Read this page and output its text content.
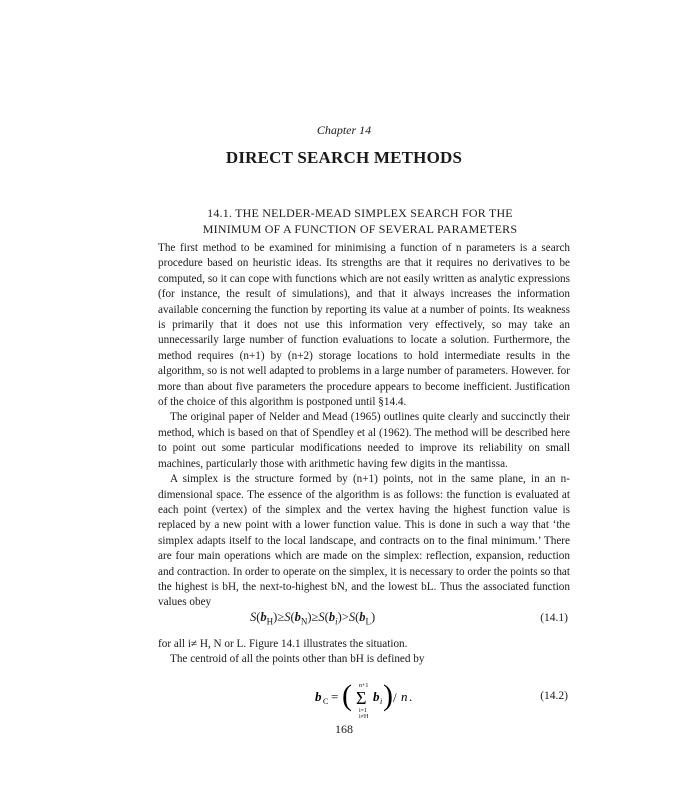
Chapter 14
DIRECT SEARCH METHODS
14.1. THE NELDER-MEAD SIMPLEX SEARCH FOR THE
MINIMUM OF A FUNCTION OF SEVERAL PARAMETERS

The first method to be examined for minimising a function of n parameters is a search procedure based on heuristic ideas. Its strengths are that it requires no derivatives to be computed, so it can cope with functions which are not easily written as analytic expressions (for instance, the result of simulations), and that it always increases the information available concerning the function by reporting its value at a number of points. Its weakness is primarily that it does not use this information very effectively, so may take an unnecessarily large number of function evaluations to locate a solution. Furthermore, the method requires (n+1) by (n+2) storage locations to hold intermediate results in the algorithm, so is not well adapted to problems in a large number of parameters. However. for more than about five parameters the procedure appears to become inefficient. Justification of the choice of this algorithm is postponed until §14.4.

The original paper of Nelder and Mead (1965) outlines quite clearly and succinctly their method, which is based on that of Spendley et al (1962). The method will be described here to point out some particular modifications needed to improve its reliability on small machines, particularly those with arithmetic having few digits in the mantissa.

A simplex is the structure formed by (n+1) points, not in the same plane, in an n-dimensional space. The essence of the algorithm is as follows: the function is evaluated at each point (vertex) of the simplex and the vertex having the highest function value is replaced by a new point with a lower function value. This is done in such a way that ‘the simplex adapts itself to the local landscape, and contracts on to the final minimum.’ There are four main operations which are made on the simplex: reflection, expansion, reduction and contraction. In order to operate on the simplex, it is necessary to order the points so that the highest is bH, the next-to-highest bN, and the lowest bL. Thus the associated function values obey

$S(b_H)\ge S(b_N)\ge S(b_i)>S(b_L)$	(14.1)

for all i≠ H, N or L. Figure 14.1 illustrates the situation.

The centroid of all the points other than bH is defined by

b C = ( n+1
Σ
i=1
i≠H
b i ) / n .	(14.2)
168
